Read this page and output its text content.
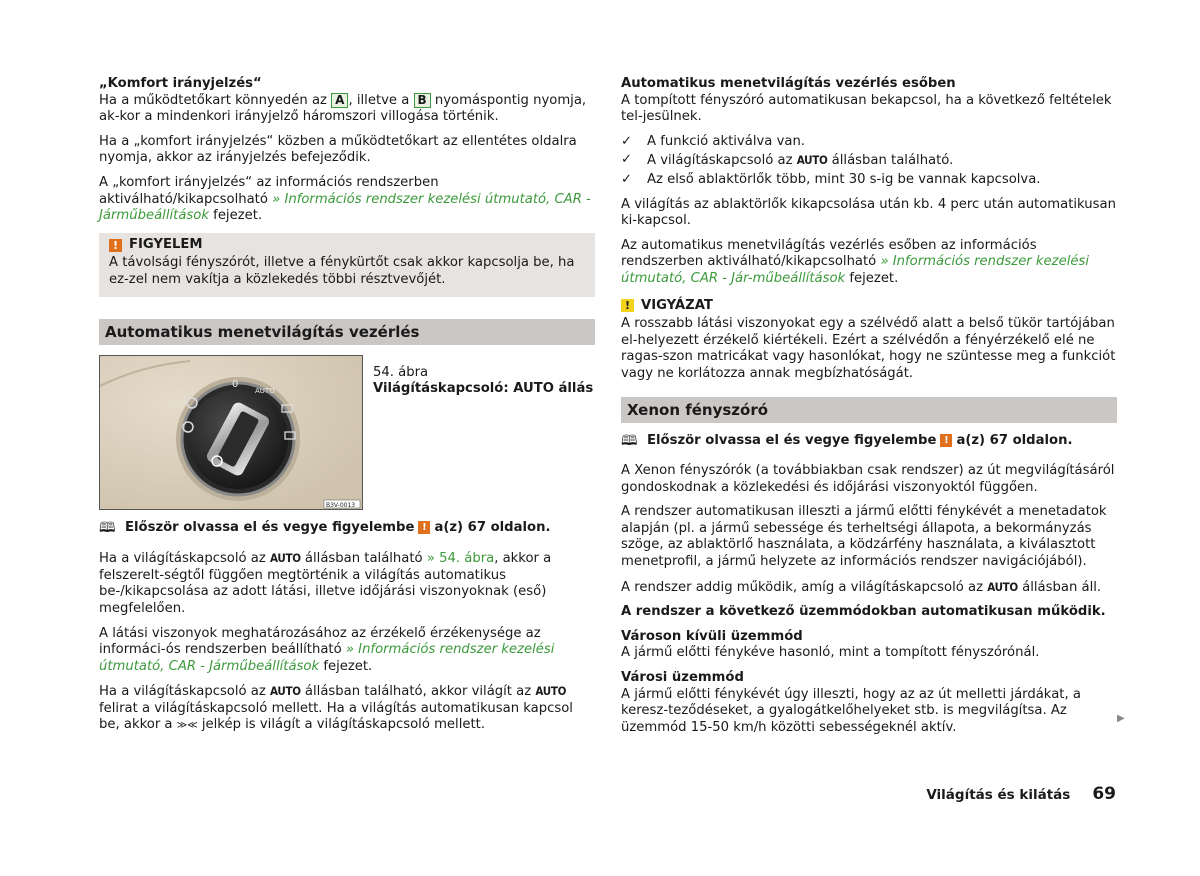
„Komfort irányjelzés“
Ha a működtetőkart könnyedén az A , illetve a B nyomáspontig nyomja, ak-kor a mindenkori irányjelző háromszori villogása történik.

Ha a „komfort irányjelzés“ közben a működtetőkart az ellentétes oldalra nyomja, akkor az irányjelzés befejeződik.

A „komfort irányjelzés“ az információs rendszerben aktiválható/kikapcsolható » Információs rendszer kezelési útmutató, CAR - Járműbeállítások fejezet.

! FIGYELEM
A távolsági fényszórót, illetve a fénykürtőt csak akkor kapcsolja be, ha ez-zel nem vakítja a közlekedés többi résztvevőjét.
Automatikus menetvilágítás vezérlés
0
AUTO
B3V-0013
54. ábra
Világításkapcsoló: AUTO állás
🕮 Először olvassa el és vegye figyelembe ! a(z) 67 oldalon.

Ha a világításkapcsoló az AUTO állásban található » 54. ábra, akkor a felszerelt-ségtől függően megtörténik a világítás automatikus be-/kikapcsolása az adott látási, illetve időjárási viszonyoknak (eső) megfelelően.

A látási viszonyok meghatározásához az érzékelő érzékenysége az informáci-ós rendszerben beállítható » Információs rendszer kezelési útmutató, CAR - Járműbeállítások fejezet.

Ha a világításkapcsoló az AUTO állásban található, akkor világít az AUTO felirat a világításkapcsoló mellett. Ha a világítás automatikusan kapcsol be, akkor a ≫≪ jelkép is világít a világításkapcsoló mellett.

Automatikus menetvilágítás vezérlés esőben
A tompított fényszóró automatikusan bekapcsol, ha a következő feltételek tel-jesülnek.

✓	A funkció aktiválva van.
✓	A világításkapcsoló az AUTO állásban található.
✓	Az első ablaktörlők több, mint 30 s-ig be vannak kapcsolva.

A világítás az ablaktörlők kikapcsolása után kb. 4 perc után automatikusan ki-kapcsol.

Az automatikus menetvilágítás vezérlés esőben az információs rendszerben aktiválható/kikapcsolható » Információs rendszer kezelési útmutató, CAR - Jár-műbeállítások fejezet.

! VIGYÁZAT
A rosszabb látási viszonyokat egy a szélvédő alatt a belső tükör tartójában el-helyezett érzékelő kiértékeli. Ezért a szélvédőn a fényérzékelő elé ne ragas-szon matricákat vagy hasonlókat, hogy ne szüntesse meg a funkciót vagy ne korlátozza annak megbízhatóságát.
Xenon fényszóró
🕮 Először olvassa el és vegye figyelembe ! a(z) 67 oldalon.

A Xenon fényszórók (a továbbiakban csak rendszer) az út megvilágításáról gondoskodnak a közlekedési és időjárási viszonyoktól függően.

A rendszer automatikusan illeszti a jármű előtti fénykévét a menetadatok alapján (pl. a jármű sebessége és terheltségi állapota, a bekormányzás szöge, az ablaktörlő használata, a ködzárfény használata, a kiválasztott menetprofil, a jármű helyzete az információs rendszer navigációjából).

A rendszer addig működik, amíg a világításkapcsoló az AUTO állásban áll.

A rendszer a következő üzemmódokban automatikusan működik.

Városon kívüli üzemmód
A jármű előtti fénykéve hasonló, mint a tompított fényszórónál.

Városi üzemmód
A jármű előtti fénykévét úgy illeszti, hogy az az út melletti járdákat, a keresz-teződéseket, a gyalogátkelőhelyeket stb. is megvilágítsa. Az üzemmód 15-50 km/h közötti sebességeknél aktív.

▶
Világítás és kilátás 69
